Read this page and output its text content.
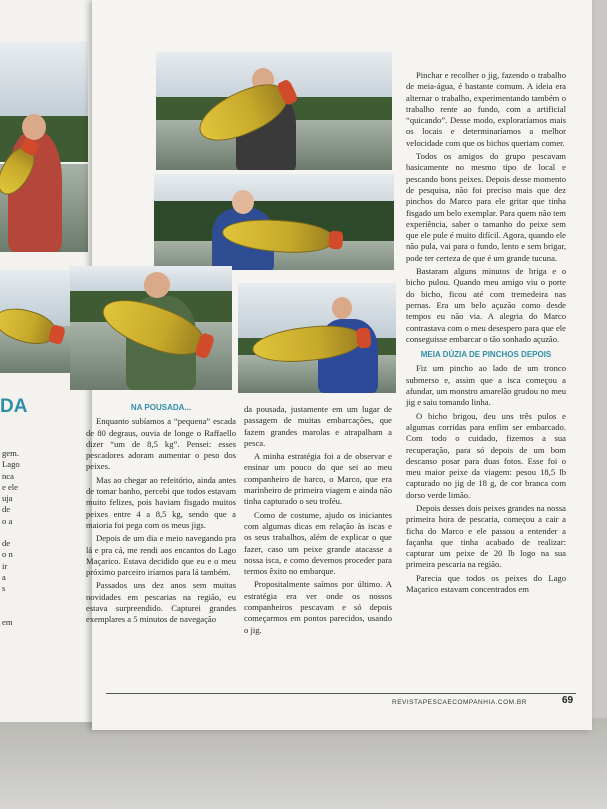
DA
gem.
Lago
nca
e ele
uja
de
o a
de
o n
ir
a
s
em
NA POUSADA...

Enquanto subíamos a “pequena” escada de 80 degraus, ouvia de longe o Raffaello dizer “um de 8,5 kg”. Pensei: esses pescadores adoram aumentar o peso dos peixes.

Mas ao chegar ao refeitório, ainda antes de tomar banho, percebi que todos estavam muito felizes, pois haviam fisgado muitos peixes entre 4 a 8,5 kg, sendo que a maioria foi pega com os meus jigs.

Depois de um dia e meio navegando pra lá e pra cá, me rendi aos encantos do Lago Maçarico. Estava decidido que eu e o meu próximo parceiro iríamos para lá também.

Passados uns dez anos sem muitas novidades em pescarias na região, eu estava surpreendido. Capturei grandes exemplares a 5 minutos de navegação

da pousada, justamente em um lugar de passagem de muitas embarcações, que fazem grandes marolas e atrapalham a pesca.

A minha estratégia foi a de observar e ensinar um pouco do que sei ao meu companheiro de barco, o Marco, que era marinheiro de primeira viagem e ainda não tinha capturado o seu troféu.

Como de costume, ajudo os iniciantes com algumas dicas em relação às iscas e os seus trabalhos, além de explicar o que fazer, caso um peixe grande atacasse a nossa isca, e como devemos proceder para termos êxito no embarque.

Propositalmente saímos por último. A estratégia era ver onde os nossos companheiros pescavam e só depois começarmos em pontos parecidos, usando o jig.

Pinchar e recolher o jig, fazendo o trabalho de meia-água, é bastante comum. A ideia era alternar o trabalho, experimentando também o trabalho rente ao fundo, com a artificial “quicando”. Desse modo, exploraríamos mais os locais e determinaríamos a melhor velocidade com que os bichos queriam comer.

Todos os amigos do grupo pescavam basicamente no mesmo tipo de local e pescando bons peixes. Depois desse momento de pesquisa, não foi preciso mais que dez pinchos do Marco para ele gritar que tinha fisgado um belo exemplar. Para quem não tem experiência, saber o tamanho do peixe sem que ele pule é muito difícil. Agora, quando ele não pula, vai para o fundo, lento e sem brigar, pode ter certeza de que é um grande tucuna.

Bastaram alguns minutos de briga e o bicho pulou. Quando meu amigo viu o porte do bicho, ficou até com tremedeira nas pernas. Era um belo açuzão como desde tempos eu não via. A alegria do Marco contrastava com o meu desespero para que ele conseguisse embarcar o tão sonhado açuzão.

MEIA DÚZIA DE PINCHOS DEPOIS

Fiz um pincho ao lado de um tronco submerso e, assim que a isca começou a afundar, um monstro amarelão grudou no meu jig e saiu tomando linha.

O bicho brigou, deu uns três pulos e algumas corridas para enfim ser embarcado. Com todo o cuidado, fizemos a sua recuperação, para só depois de um bom descanso posar para duas fotos. Esse foi o meu maior peixe da viagem: pesou 18,5 lb capturado no jig de 18 g, de cor branca com dorso verde limão.

Depois desses dois peixes grandes na nossa primeira hora de pescaria, começou a cair a ficha do Marco e ele passou a entender a façanha que tinha acabado de realizar: capturar um peixe de 20 lb logo na sua primeira pescaria na região.

Parecia que todos os peixes do Lago Maçarico estavam concentrados em

REVISTAPESCAECOMPANHIA.COM.BR	69
